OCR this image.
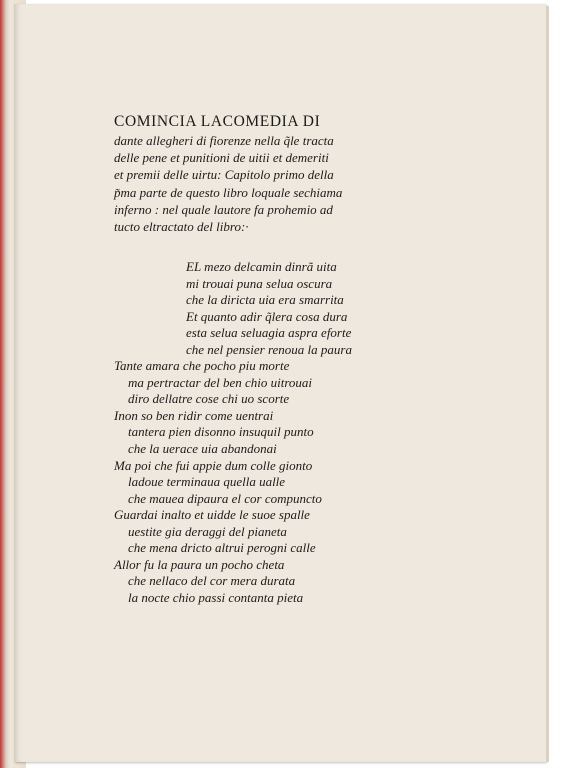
COMINCIA LACOMEDIA DI

dante allegheri di fiorenze nella q̃le tracta

delle pene et punitioni de uitii et demeriti

et premii delle uirtu: Capitolo primo della

p̃ma parte de questo libro loquale sechiama

inferno : nel quale lautore fa prohemio ad

tucto eltractato del libro:·

EL mezo delcamin dinrã uita

mi trouai puna selua oscura

che la diricta uia era smarrita

Et quanto adir q̃lera cosa dura

esta selua seluagia aspra eforte

che nel pensier renoua la paura

Tante amara che pocho piu morte

ma pertractar del ben chio uitrouai

diro dellatre cose chi uo scorte

Inon so ben ridir come uentrai

tantera pien disonno insuquil punto

che la uerace uia abandonai

Ma poi che fui appie dum colle gionto

ladoue terminaua quella ualle

che mauea dipaura el cor compuncto

Guardai inalto et uidde le suoe spalle

uestite gia deraggi del pianeta

che mena dricto altrui perogni calle

Allor fu la paura un pocho cheta

che nellaco del cor mera durata

la nocte chio passi contanta pieta
